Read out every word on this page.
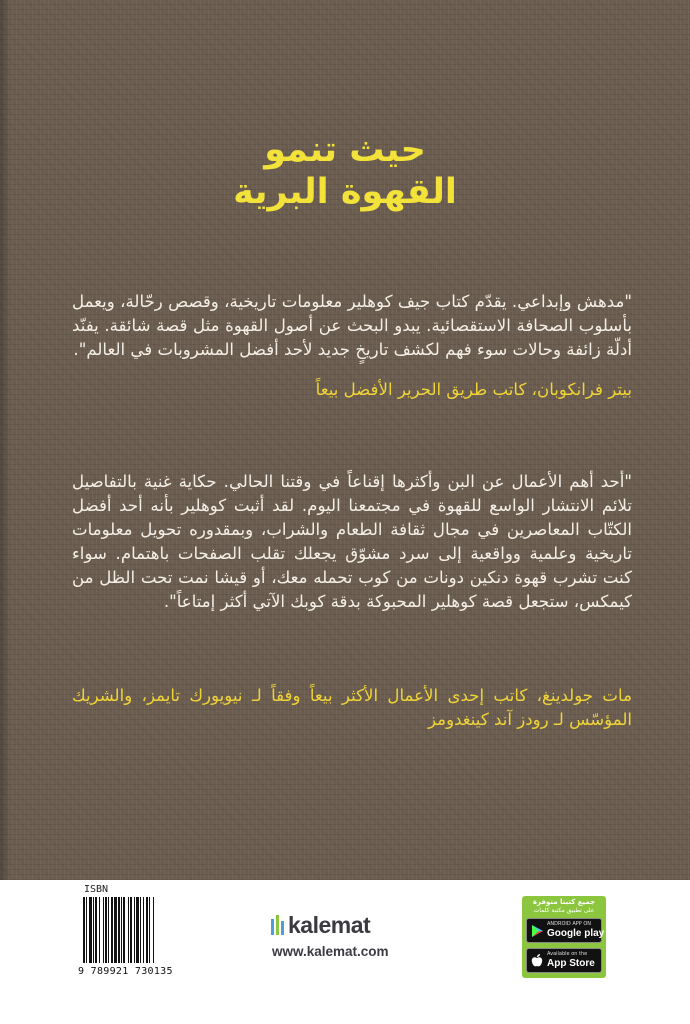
حيث تنمو
القهوة البرية

"مدهش وإبداعي. يقدّم كتاب جيف كوهلير معلومات تاريخية، وقصص رحّالة، ويعمل بأسلوب الصحافة الاستقصائية. يبدو البحث عن أصول القهوة مثل قصة شائقة. يفنّد أدلّة زائفة وحالات سوء فهم لكشف تاريخٍ جديد لأحد أفضل المشروبات في العالم".

بيتر فرانكوبان، كاتب طريق الحرير الأفضل بيعاً

"أحد أهم الأعمال عن البن وأكثرها إقناعاً في وقتنا الحالي. حكاية غنية بالتفاصيل تلائم الانتشار الواسع للقهوة في مجتمعنا اليوم. لقد أثبت كوهلير بأنه أحد أفضل الكتّاب المعاصرين في مجال ثقافة الطعام والشراب، وبمقدوره تحويل معلومات تاريخية وعلمية وواقعية إلى سرد مشوّق يجعلك تقلب الصفحات باهتمام. سواء كنت تشرب قهوة دنكين دونات من كوب تحمله معك، أو قيشا نمت تحت الظل من كيمكس، ستجعل قصة كوهلير المحبوكة بدقة كوبك الآتي أكثر إمتاعاً".

مات جولدينغ، كاتب إحدى الأعمال الأكثر بيعاً وفقاً لـ نيويورك تايمز، والشريك المؤسّس لـ رودز آند كينغدومز

ISBN
9 789921 730135
kalemat
www.kalemat.com
جميع كتبنا متوفرة
على تطبيق مكتبة كلمات
ANDROID APP ON
Google play
Available on the
App Store
